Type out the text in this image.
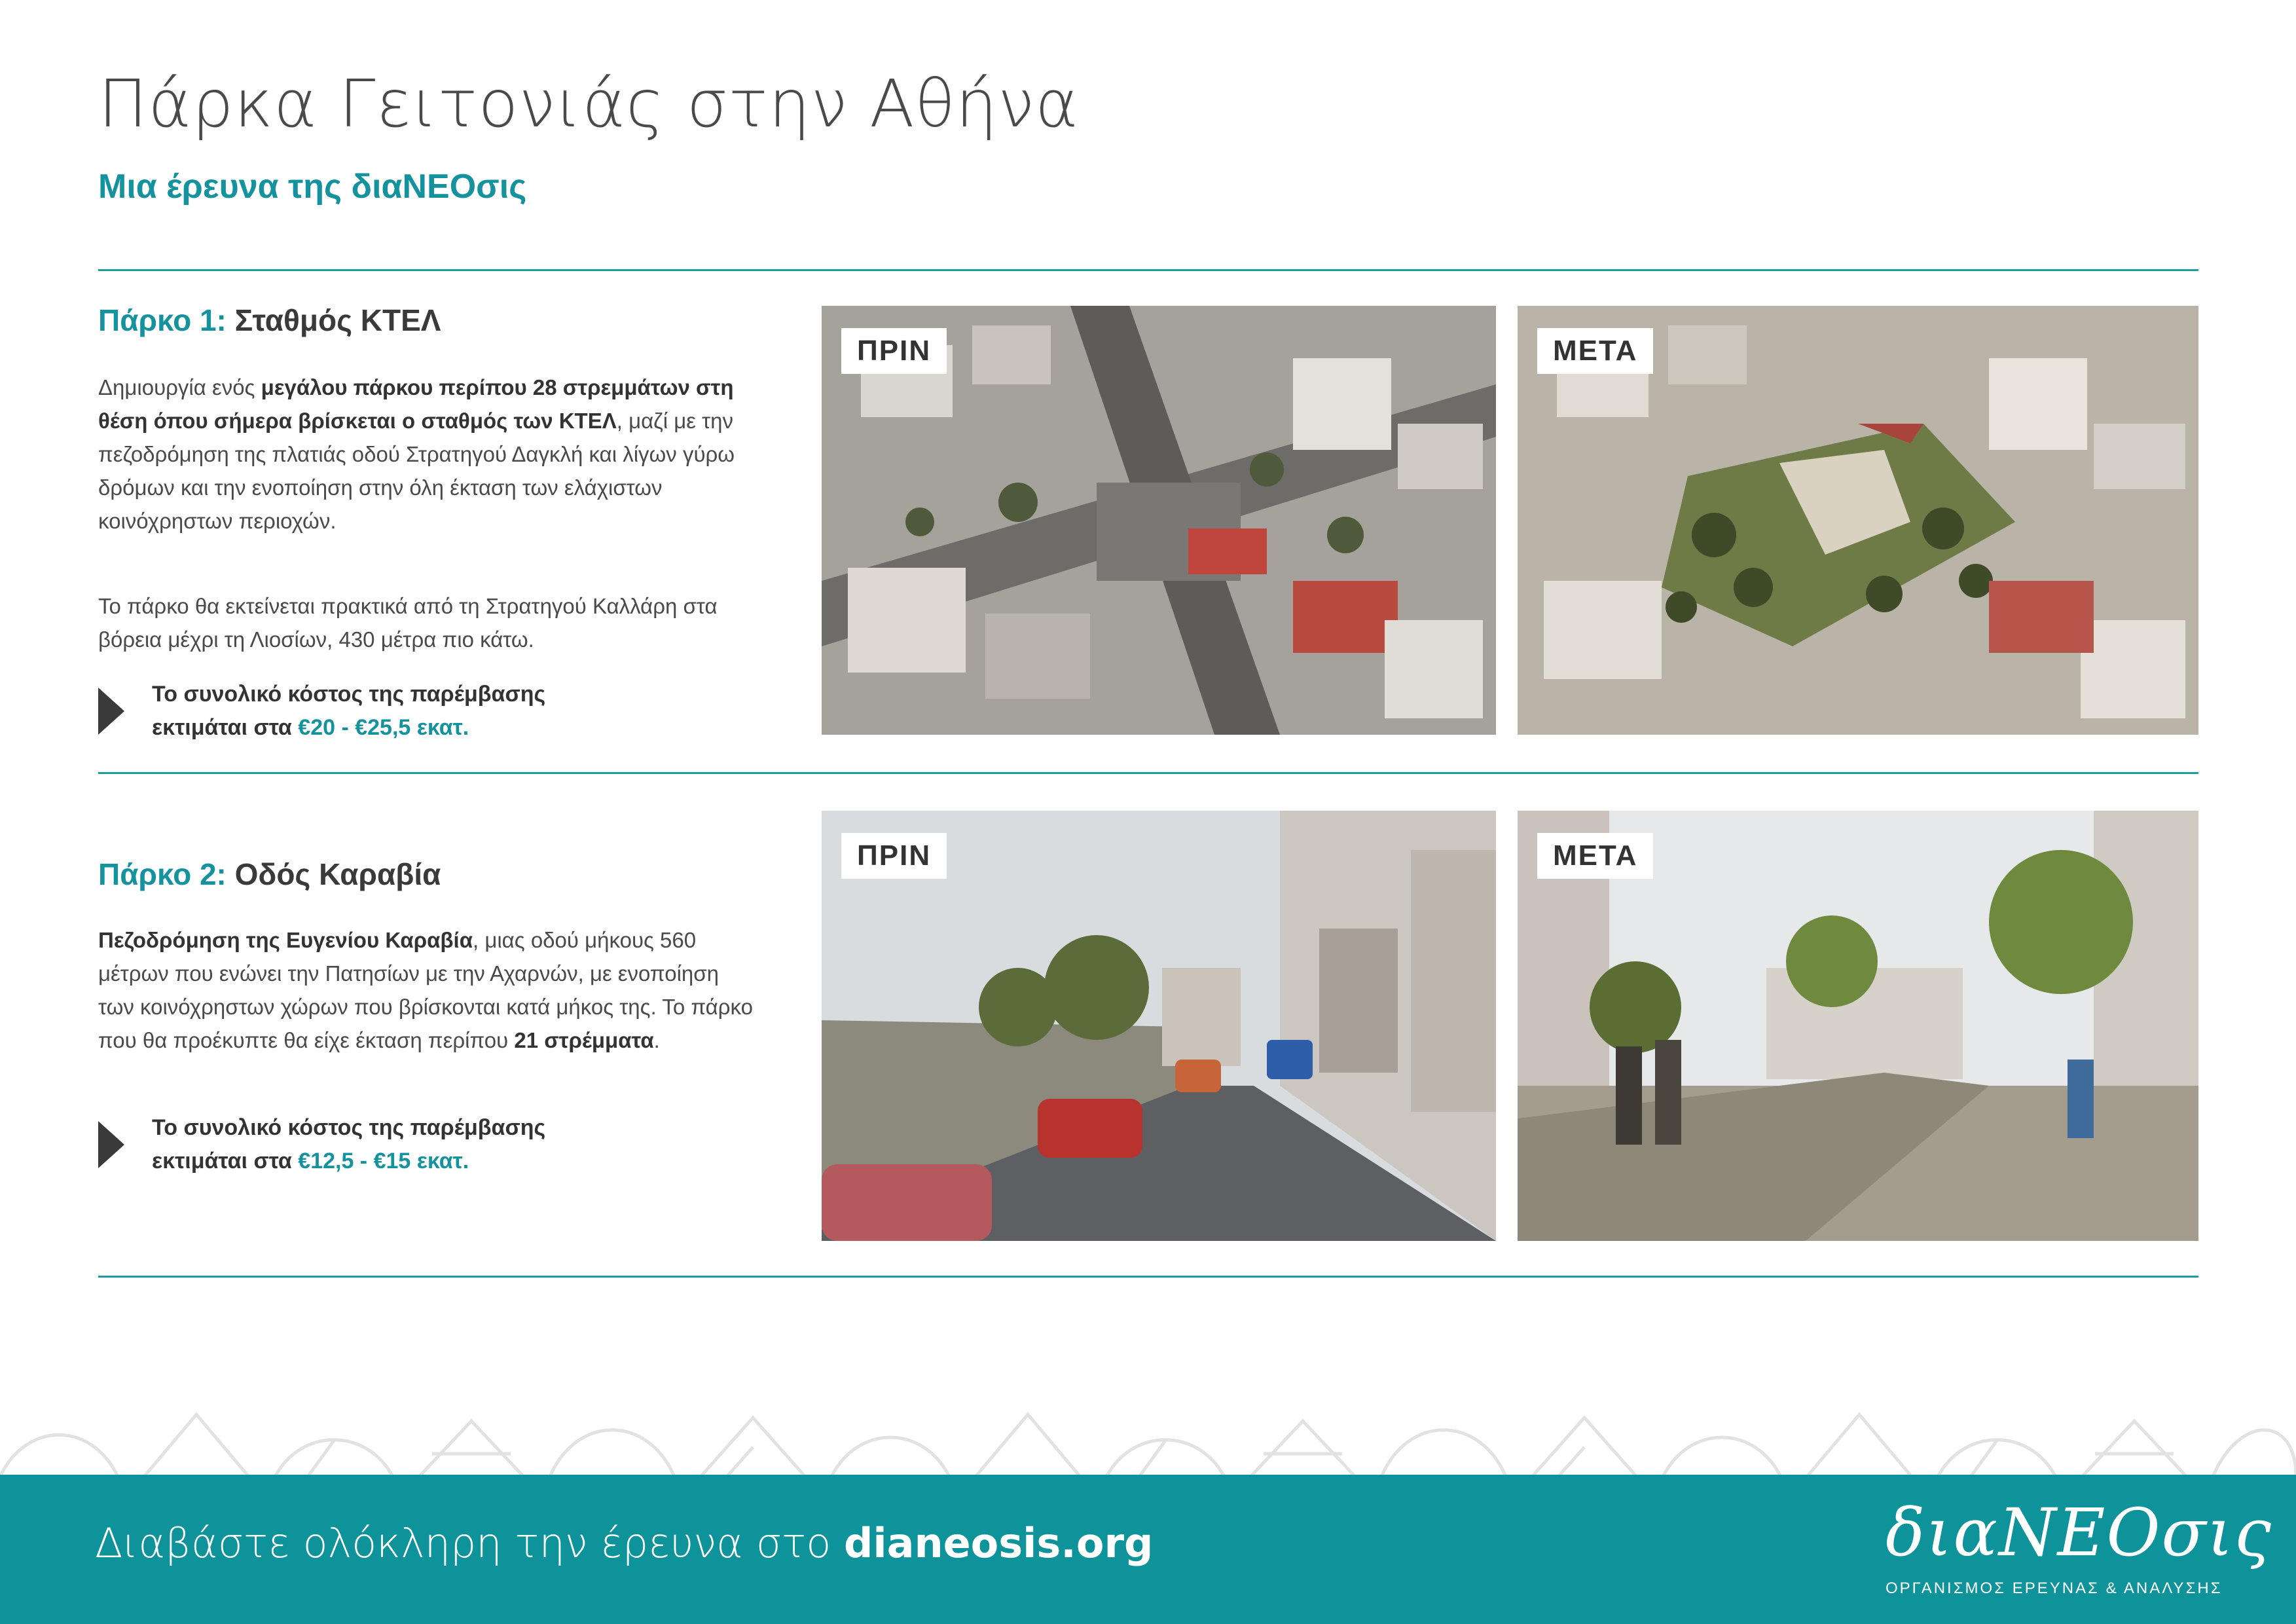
Πάρκα Γειτονιάς στην Αθήνα
Μια έρευνα της διαΝΕΟσις
Πάρκο 1: Σταθμός ΚΤΕΛ
Δημιουργία ενός μεγάλου πάρκου περίπου 28 στρεμμάτων στη θέση όπου σήμερα βρίσκεται ο σταθμός των ΚΤΕΛ, μαζί με την πεζοδρόμηση της πλατιάς οδού Στρατηγού Δαγκλή και λίγων γύρω δρόμων και την ενοποίηση στην όλη έκταση των ελάχιστων κοινόχρηστων περιοχών.
Το πάρκο θα εκτείνεται πρακτικά από τη Στρατηγού Καλλάρη στα βόρεια μέχρι τη Λιοσίων, 430 μέτρα πιο κάτω.
Το συνολικό κόστος της παρέμβασης
εκτιμάται στα €20 - €25,5 εκατ.
ΠΡΙΝ	ΜΕΤΑ
Πάρκο 2: Οδός Καραβία
Πεζοδρόμηση της Ευγενίου Καραβία, μιας οδού μήκους 560 μέτρων που ενώνει την Πατησίων με την Αχαρνών, με ενοποίηση των κοινόχρηστων χώρων που βρίσκονται κατά μήκος της. Το πάρκο που θα προέκυπτε θα είχε έκταση περίπου 21 στρέμματα.
Το συνολικό κόστος της παρέμβασης
εκτιμάται στα €12,5 - €15 εκατ.
ΠΡΙΝ	ΜΕΤΑ
Διαβάστε ολόκληρη την έρευνα στο dianeosis.org	διαΝΕΟσις
ΟΡΓΑΝΙΣΜΟΣ ΕΡΕΥΝΑΣ & ΑΝΑΛΥΣΗΣ
